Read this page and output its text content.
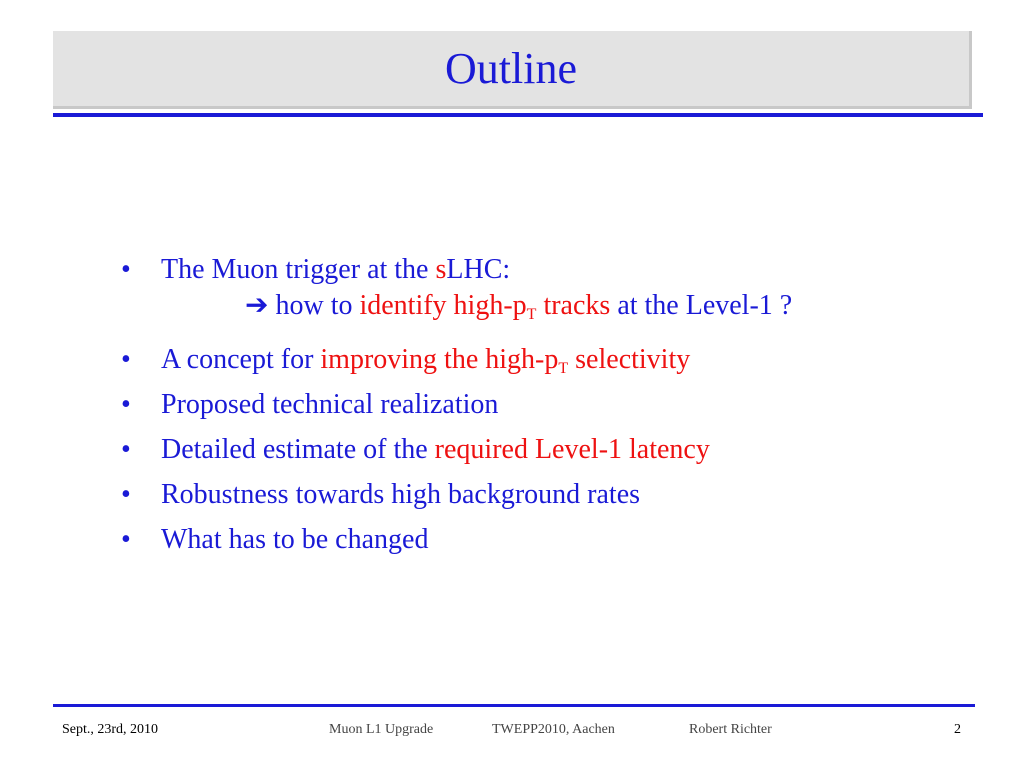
Outline
• The Muon trigger at the sLHC:
➔ how to identify high-$p_T$ tracks at the Level-1 ?
• A concept for improving the high-$p_T$ selectivity
• Proposed technical realization
• Detailed estimate of the required Level-1 latency
• Robustness towards high background rates
• What has to be changed
Sept., 23rd, 2010	Muon L1 Upgrade	TWEPP2010, Aachen	Robert Richter	2
